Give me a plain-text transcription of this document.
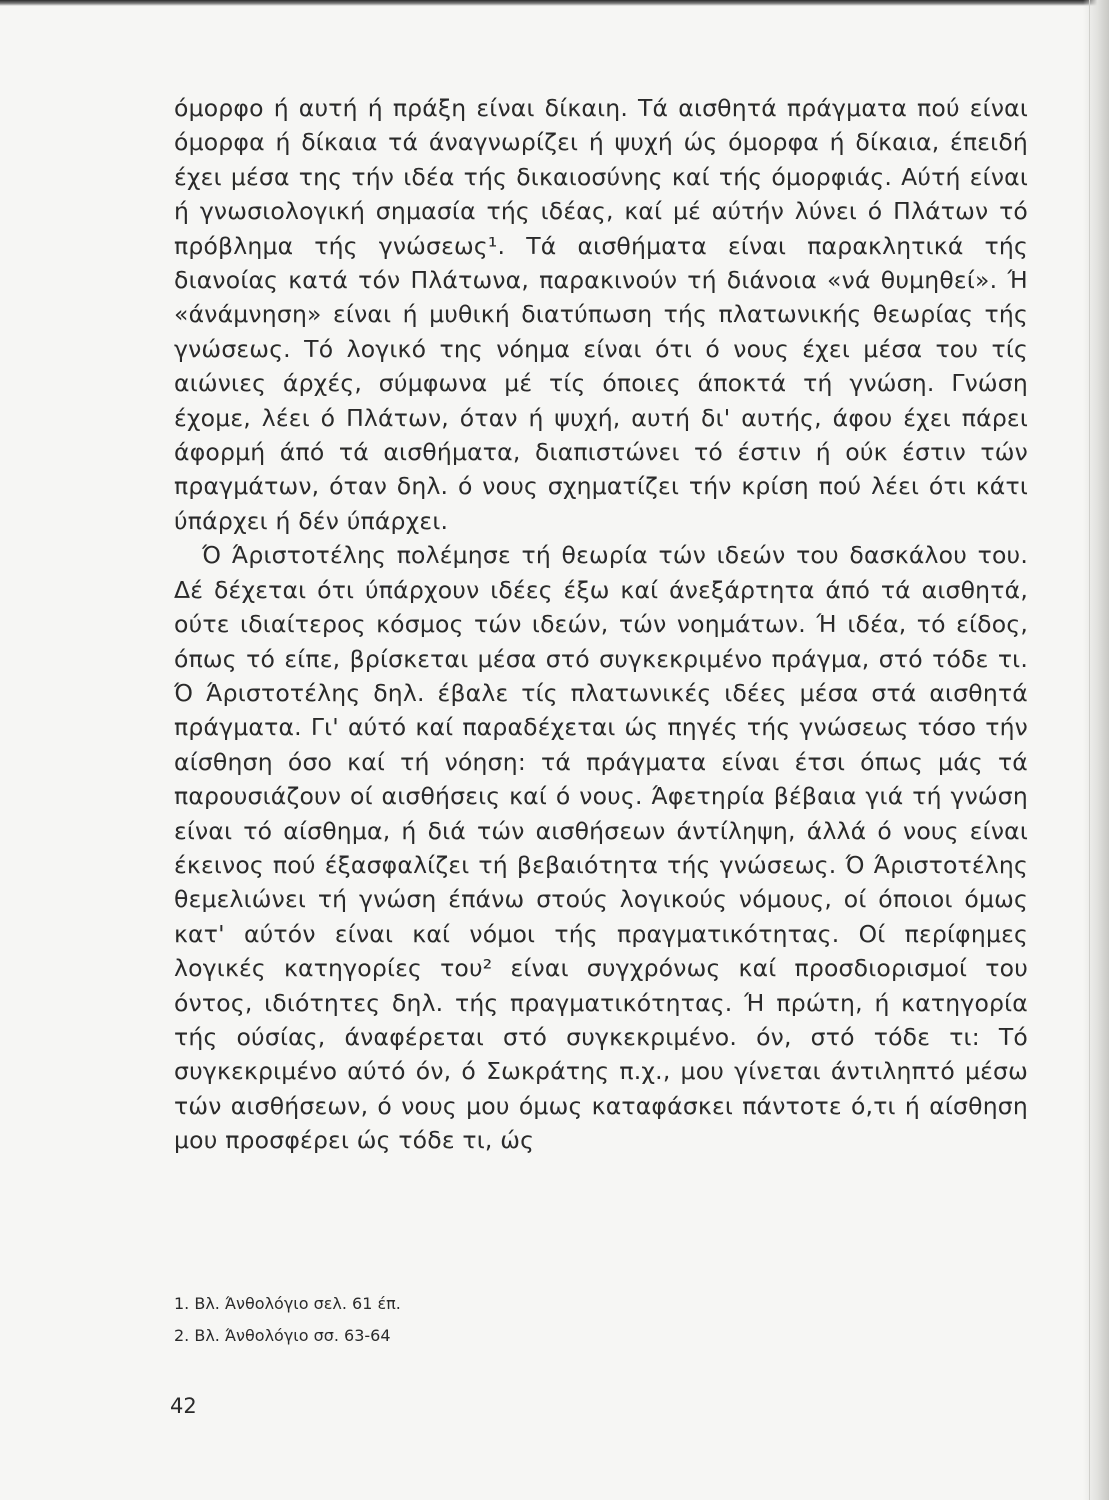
όμορφο ή αυτή ή πράξη είναι δίκαιη. Τά αισθητά πράγματα πού είναι όμορφα ή δίκαια τά άναγνωρίζει ή ψυχή ώς όμορφα ή δίκαια, έπειδή έχει μέσα της τήν ιδέα τής δικαιοσύνης καί τής όμορφιάς. Αύτή είναι ή γνωσιολογική σημασία τής ιδέας, καί μέ αύτήν λύνει ό Πλάτων τό πρόβλημα τής γνώσεως¹. Τά αισθήματα είναι παρακλητικά τής διανοίας κατά τόν Πλάτωνα, παρακινούν τή διάνοια «νά θυμηθεί». Ή «άνάμνηση» είναι ή μυθική διατύπωση τής πλατωνικής θεωρίας τής γνώσεως. Τό λογικό της νόημα είναι ότι ό νους έχει μέσα του τίς αιώνιες άρχές, σύμφωνα μέ τίς όποιες άποκτά τή γνώση. Γνώση έχομε, λέει ό Πλάτων, όταν ή ψυχή, αυτή δι' αυτής, άφου έχει πάρει άφορμή άπό τά αισθήματα, διαπιστώνει τό έστιν ή ούκ έστιν τών πραγμάτων, όταν δηλ. ό νους σχηματίζει τήν κρίση πού λέει ότι κάτι ύπάρχει ή δέν ύπάρχει.

Ό Άριστοτέλης πολέμησε τή θεωρία τών ιδεών του δασκάλου του. Δέ δέχεται ότι ύπάρχουν ιδέες έξω καί άνεξάρτητα άπό τά αισθητά, ούτε ιδιαίτερος κόσμος τών ιδεών, τών νοημάτων. Ή ιδέα, τό είδος, όπως τό είπε, βρίσκεται μέσα στό συγκεκριμένο πράγμα, στό τόδε τι. Ό Άριστοτέλης δηλ. έβαλε τίς πλατωνικές ιδέες μέσα στά αισθητά πράγματα. Γι' αύτό καί παραδέχεται ώς πηγές τής γνώσεως τόσο τήν αίσθηση όσο καί τή νόηση: τά πράγματα είναι έτσι όπως μάς τά παρουσιάζουν οί αισθήσεις καί ό νους. Άφετηρία βέβαια γιά τή γνώση είναι τό αίσθημα, ή διά τών αισθήσεων άντίληψη, άλλά ό νους είναι έκεινος πού έξασφαλίζει τή βεβαιότητα τής γνώσεως. Ό Άριστοτέλης θεμελιώνει τή γνώση έπάνω στούς λογικούς νόμους, οί όποιοι όμως κατ' αύτόν είναι καί νόμοι τής πραγματικότητας. Οί περίφημες λογικές κατηγορίες του² είναι συγχρόνως καί προσδιορισμοί του όντος, ιδιότητες δηλ. τής πραγματικότητας. Ή πρώτη, ή κατηγορία τής ούσίας, άναφέρεται στό συγκεκριμένο. όν, στό τόδε τι: Τό συγκεκριμένο αύτό όν, ό Σωκράτης π.χ., μου γίνεται άντιληπτό μέσω τών αισθήσεων, ό νους μου όμως καταφάσκει πάντοτε ό,τι ή αίσθηση μου προσφέρει ώς τόδε τι, ώς

1. Βλ. Άνθολόγιο σελ. 61 έπ.
2. Βλ. Άνθολόγιο σσ. 63-64
42
